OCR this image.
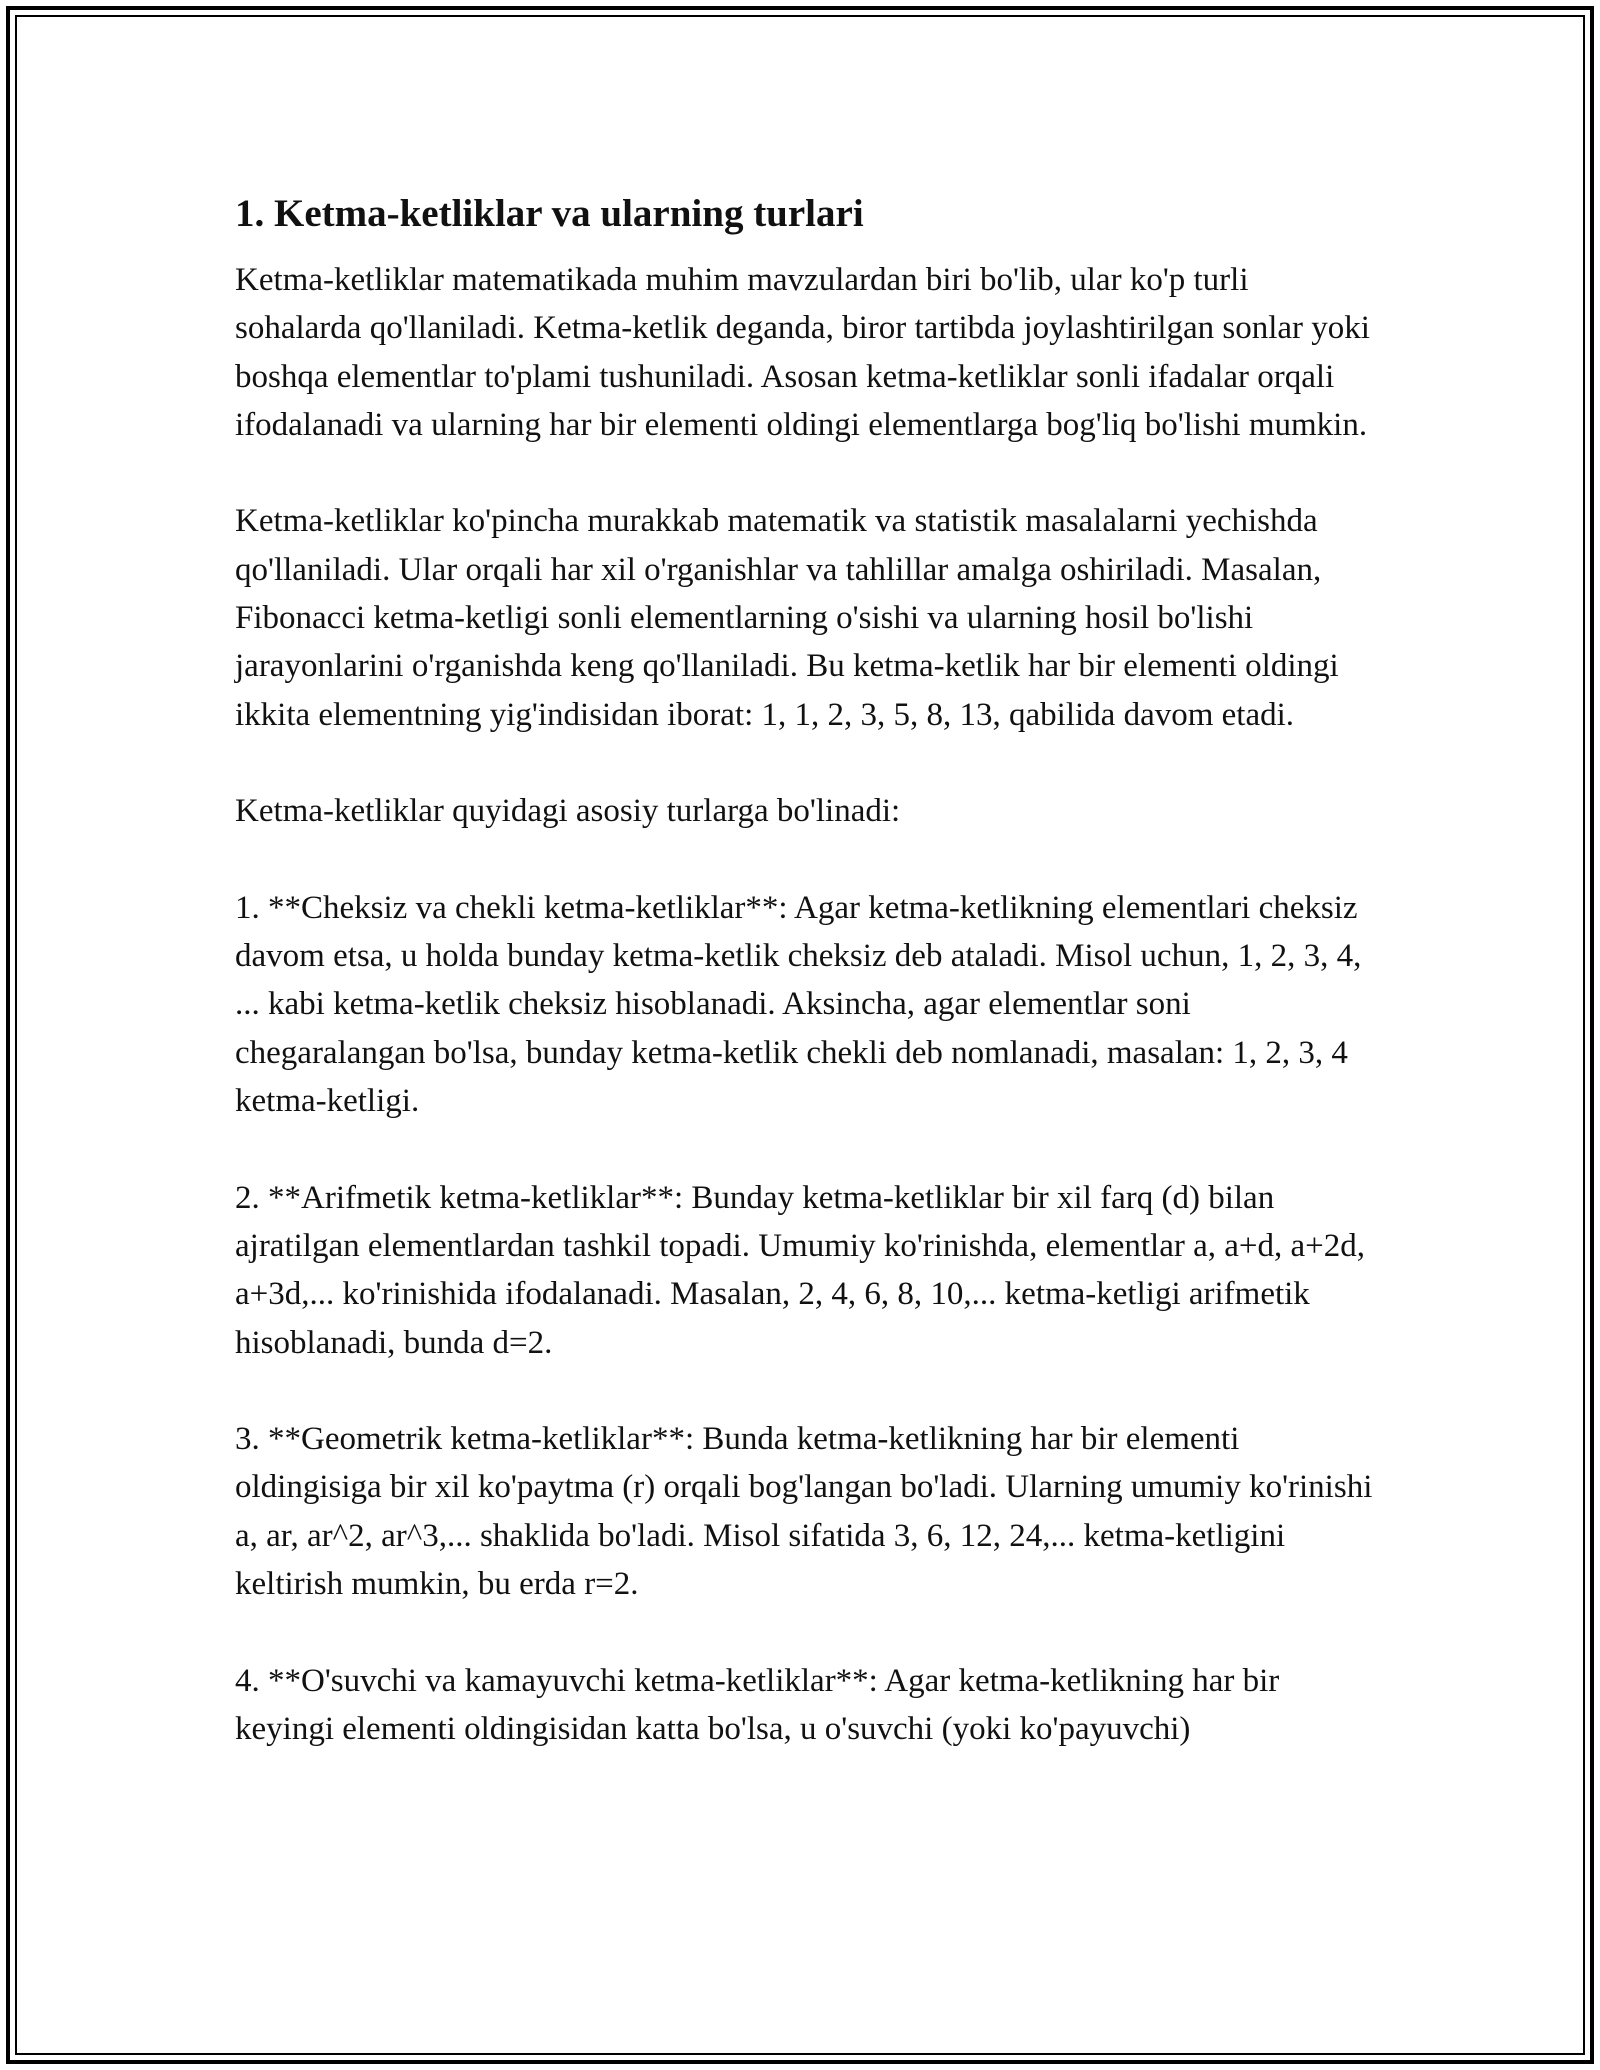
1. Ketma-ketliklar va ularning turlari

Ketma-ketliklar matematikada muhim mavzulardan biri bo'lib, ular ko'p turli sohalarda qo'llaniladi. Ketma-ketlik deganda, biror tartibda joylashtirilgan sonlar yoki boshqa elementlar to'plami tushuniladi. Asosan ketma-ketliklar sonli ifadalar orqali ifodalanadi va ularning har bir elementi oldingi elementlarga bog'liq bo'lishi mumkin.

Ketma-ketliklar ko'pincha murakkab matematik va statistik masalalarni yechishda qo'llaniladi. Ular orqali har xil o'rganishlar va tahlillar amalga oshiriladi. Masalan, Fibonacci ketma-ketligi sonli elementlarning o'sishi va ularning hosil bo'lishi jarayonlarini o'rganishda keng qo'llaniladi. Bu ketma-ketlik har bir elementi oldingi ikkita elementning yig'indisidan iborat: 1, 1, 2, 3, 5, 8, 13, qabilida davom etadi.

Ketma-ketliklar quyidagi asosiy turlarga bo'linadi:

1. **Cheksiz va chekli ketma-ketliklar**: Agar ketma-ketlikning elementlari cheksiz davom etsa, u holda bunday ketma-ketlik cheksiz deb ataladi. Misol uchun, 1, 2, 3, 4, ... kabi ketma-ketlik cheksiz hisoblanadi. Aksincha, agar elementlar soni chegaralangan bo'lsa, bunday ketma-ketlik chekli deb nomlanadi, masalan: 1, 2, 3, 4 ketma-ketligi.

2. **Arifmetik ketma-ketliklar**: Bunday ketma-ketliklar bir xil farq (d) bilan ajratilgan elementlardan tashkil topadi. Umumiy ko'rinishda, elementlar a, a+d, a+2d, a+3d,... ko'rinishida ifodalanadi. Masalan, 2, 4, 6, 8, 10,... ketma-ketligi arifmetik hisoblanadi, bunda d=2.

3. **Geometrik ketma-ketliklar**: Bunda ketma-ketlikning har bir elementi oldingisiga bir xil ko'paytma (r) orqali bog'langan bo'ladi. Ularning umumiy ko'rinishi a, ar, ar^2, ar^3,... shaklida bo'ladi. Misol sifatida 3, 6, 12, 24,... ketma-ketligini keltirish mumkin, bu erda r=2.

4. **O'suvchi va kamayuvchi ketma-ketliklar**: Agar ketma-ketlikning har bir keyingi elementi oldingisidan katta bo'lsa, u o'suvchi (yoki ko'payuvchi)
